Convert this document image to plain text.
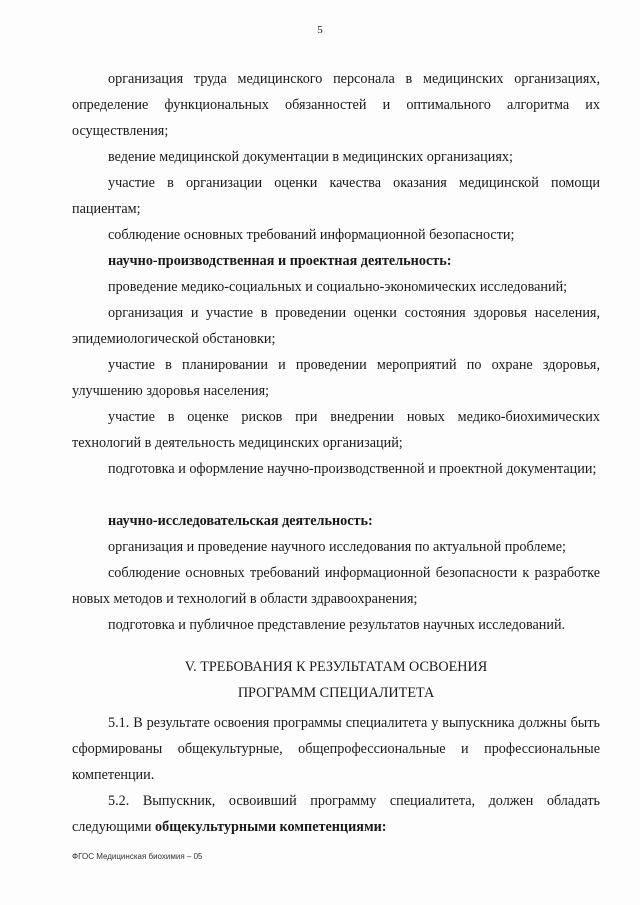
5

организация труда медицинского персонала в медицинских организациях, определение функциональных обязанностей и оптимального алгоритма их осуществления;

ведение медицинской документации в медицинских организациях;

участие в организации оценки качества оказания медицинской помощи пациентам;

соблюдение основных требований информационной безопасности;

научно-производственная и проектная деятельность:

проведение медико-социальных и социально-экономических исследований;

организация и участие в проведении оценки состояния здоровья населения, эпидемиологической обстановки;

участие в планировании и проведении мероприятий по охране здоровья, улучшению здоровья населения;

участие в оценке рисков при внедрении новых медико-биохимических технологий в деятельность медицинских организаций;

подготовка и оформление научно-производственной и проектной документации;

научно-исследовательская деятельность:

организация и проведение научного исследования по актуальной проблеме;

соблюдение основных требований информационной безопасности к разработке новых методов и технологий в области здравоохранения;

подготовка и публичное представление результатов научных исследований.

V. ТРЕБОВАНИЯ К РЕЗУЛЬТАТАМ ОСВОЕНИЯ

ПРОГРАММ СПЕЦИАЛИТЕТА

5.1. В результате освоения программы специалитета у выпускника должны быть сформированы общекультурные, общепрофессиональные и профессиональные компетенции.

5.2. Выпускник, освоивший программу специалитета, должен обладать следующими общекультурными компетенциями:

ФГОС Медицинская биохимия – 05
